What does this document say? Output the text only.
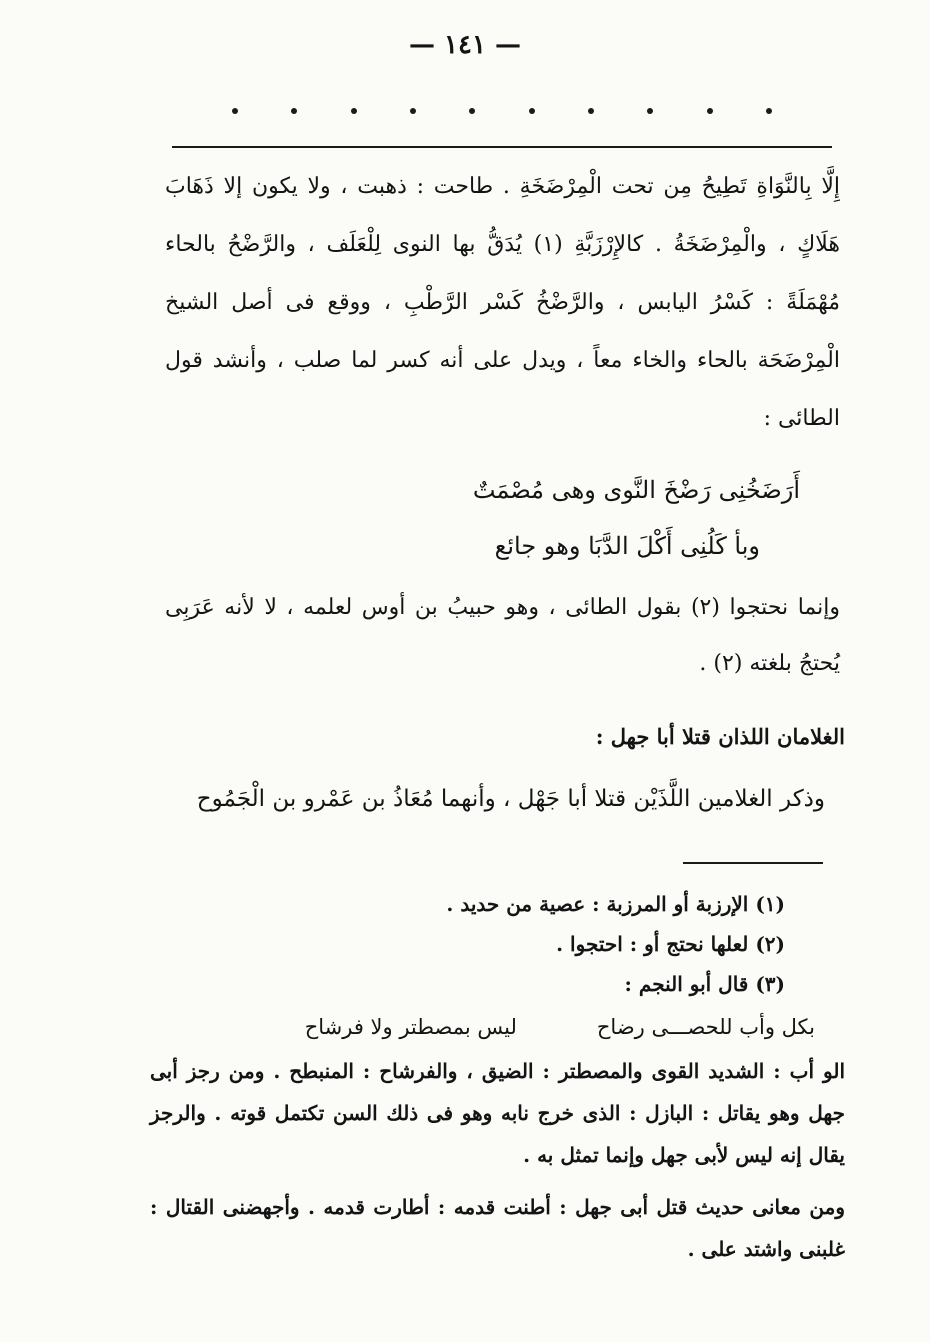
— ١٤١ —

إِلَّا بِالنَّوَاةِ تَطِيحُ مِن تحت الْمِرْضَخَةِ . طاحت : ذهبت ، ولا يكون إلا ذَهَابَ هَلَاكٍ ، والْمِرْضَخَةُ . كالإِرْزَبَّةِ (١) يُدَقُّ بها النوى لِلْعَلَف ، والرَّضْحُ بالحاء مُهْمَلَةً : كَسْرُ اليابس ، والرَّضْخُ كَسْر الرَّطْبِ ، ووقع فى أصل الشيخ الْمِرْضَحَة بالحاء والخاء معاً ، ويدل على أنه كسر لما صلب ، وأنشد قول الطائى :

أَرَضَخُنِى رَضْخَ النَّوى وهى مُصْمَتٌ
وبأ كَلُنِى أَكْلَ الدَّبَا وهو جائع
وإنما نحتجوا (٢) بقول الطائى ، وهو حبيبُ بن أوس لعلمه ، لا لأنه عَرَبِى يُحتجُ بلغته (٢) .
الغلامان اللذان قتلا أبا جهل :
وذكر الغلامين اللَّذَيْن قتلا أبا جَهْل ، وأنهما مُعَاذُ بن عَمْرو بن الْجَمُوح
(١) الإرزبة أو المرزبة : عصية من حديد .
(٢) لعلها نحتج أو : احتجوا .
(٣) قال أبو النجم :
بكل وأب للحصـــى رضاح
ليس بمصطتر ولا فرشاح
الو أب : الشديد القوى والمصطتر : الضيق ، والفرشاح : المنبطح . ومن رجز أبى جهل وهو يقاتل : البازل : الذى خرج نابه وهو فى ذلك السن تكتمل قوته . والرجز يقال إنه ليس لأبى جهل وإنما تمثل به .
ومن معانى حديث قتل أبى جهل : أطنت قدمه : أطارت قدمه . وأجهضنى القتال : غلبنى واشتد على .
